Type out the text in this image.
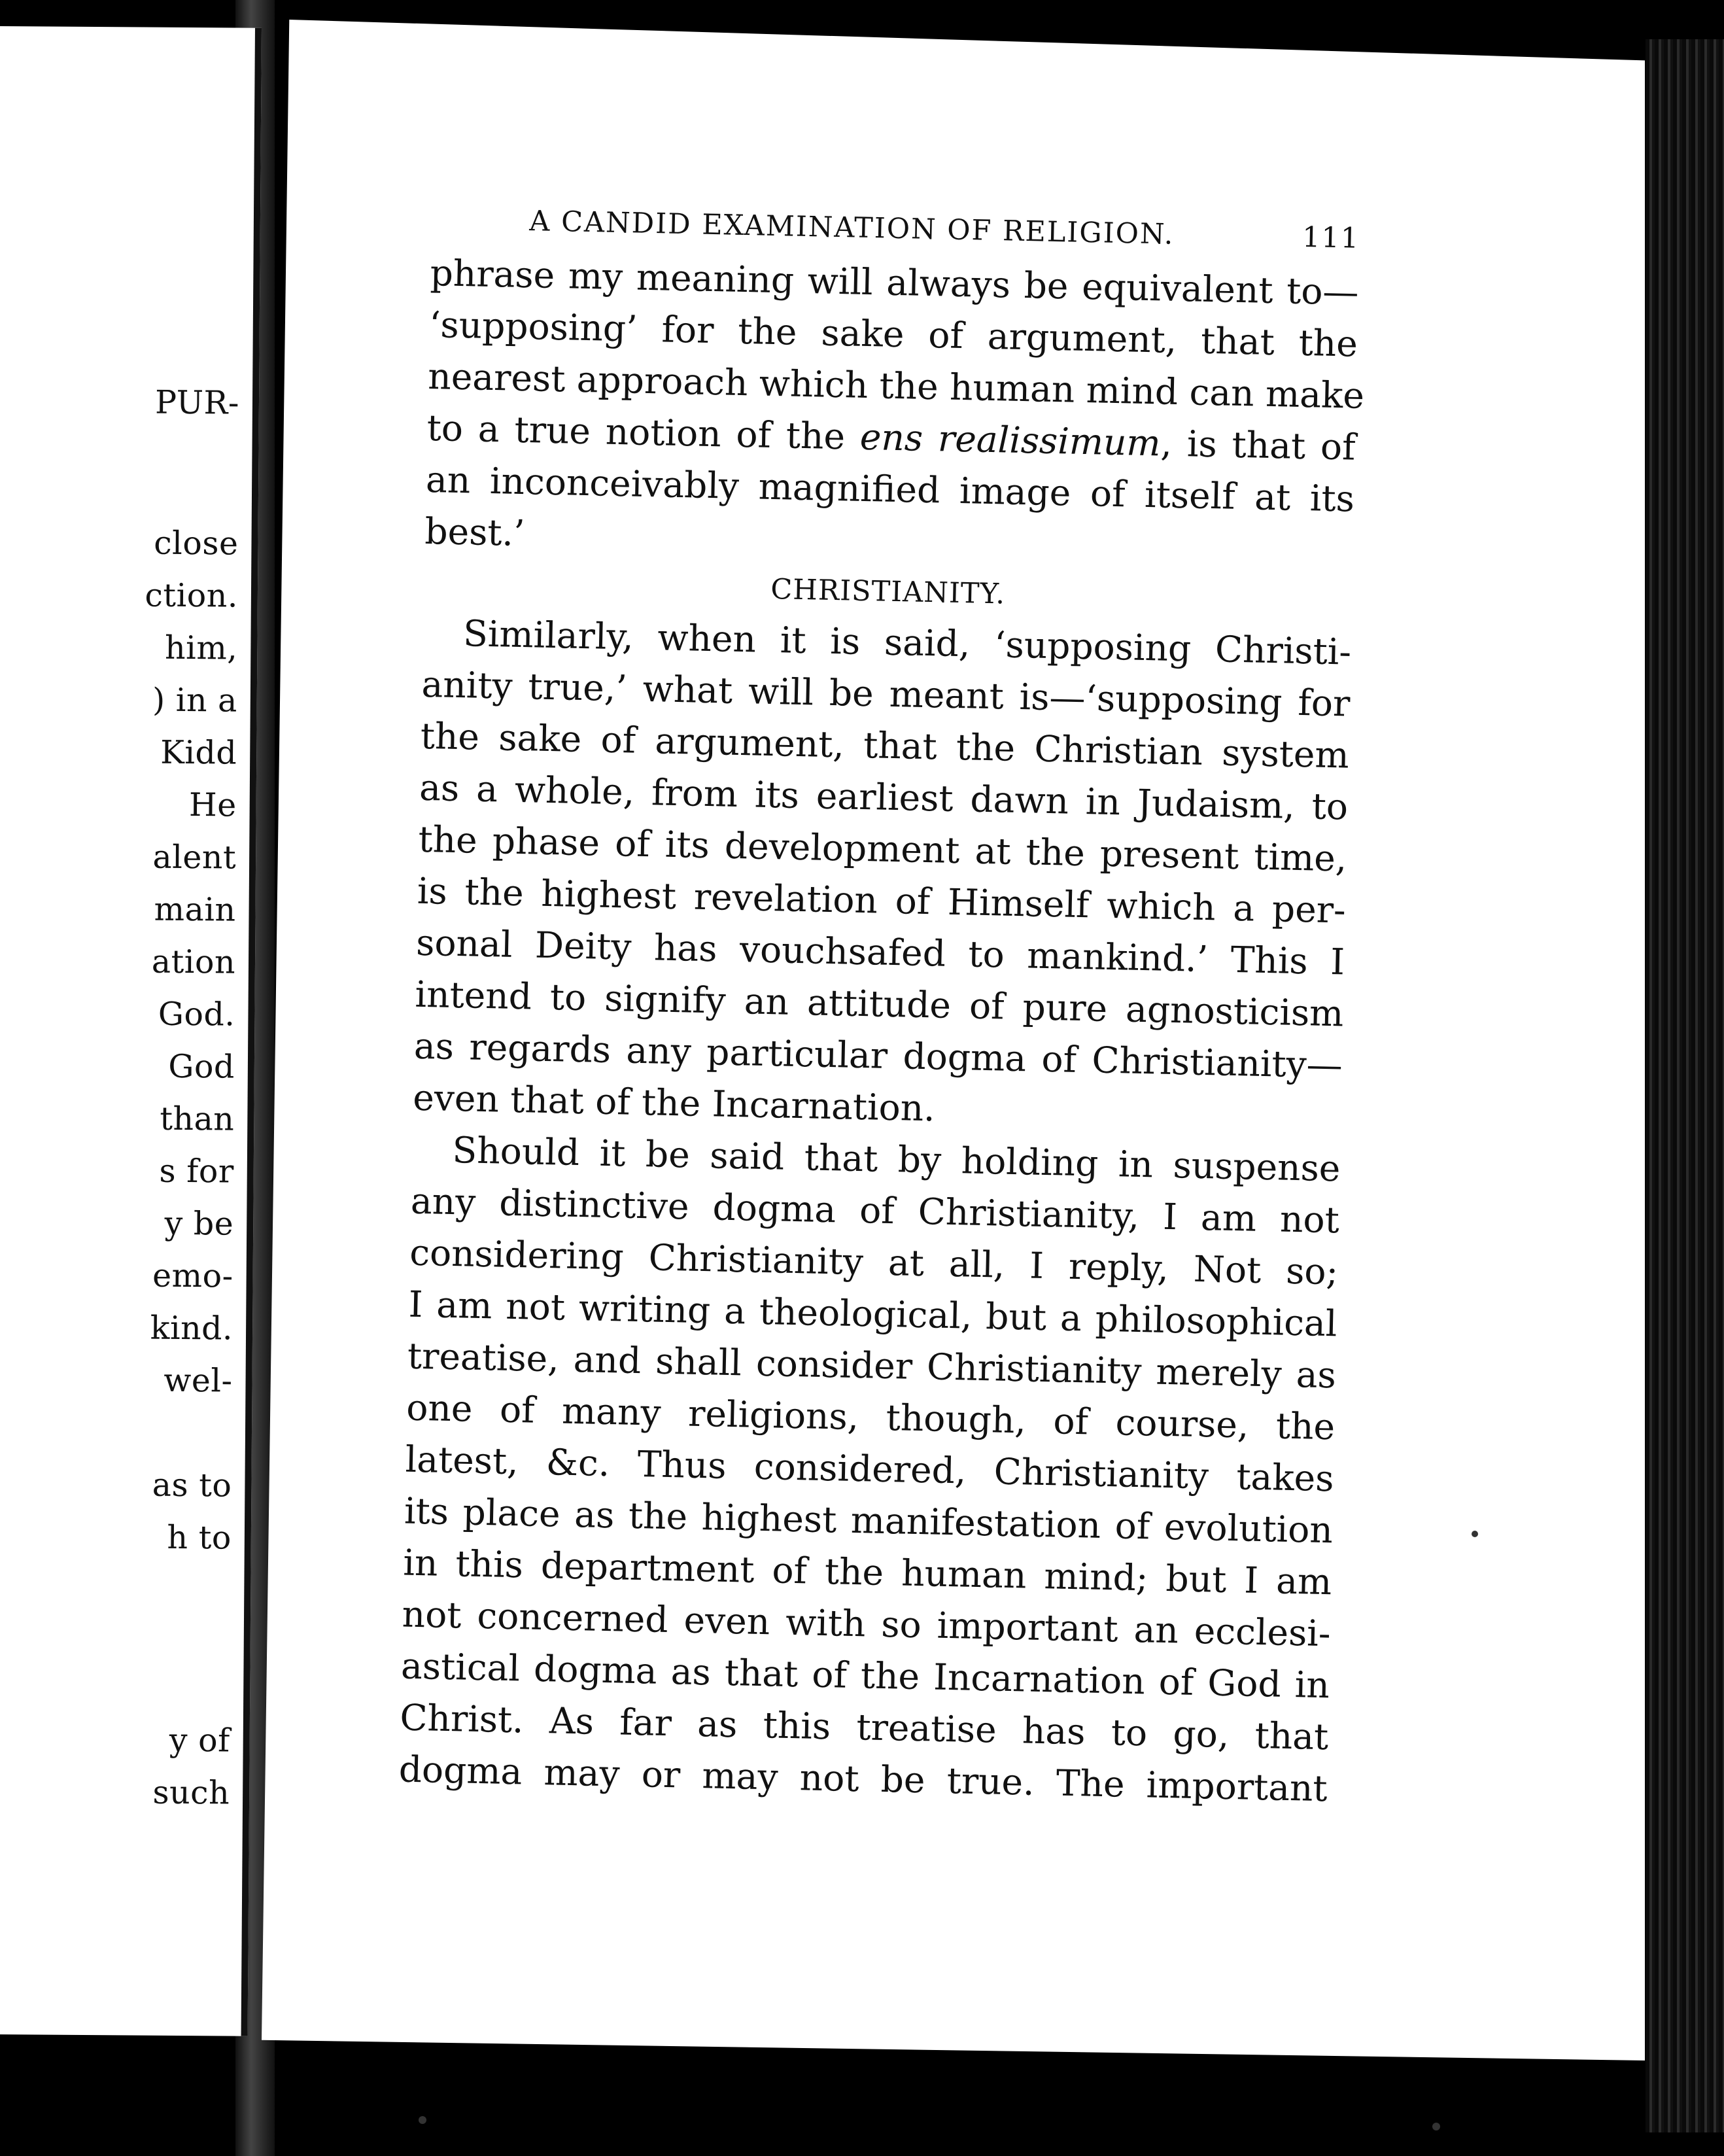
PUR-
close
ction.
him,
) in a
Kidd
He
alent
main
ation
God.
God
than
s for
y be
emo-
kind.
wel-
as to
h to
y of
such
A CANDID EXAMINATION OF RELIGION.	111
phrase my meaning will always be equivalent to—
‘supposing’ for the sake of argument, that the
nearest approach which the human mind can make
to a true notion of the ens realissimum, is that of
an inconceivably magnified image of itself at its
best.’
CHRISTIANITY.
Similarly, when it is said, ‘supposing Christi-
anity true,’ what will be meant is—‘supposing for
the sake of argument, that the Christian system
as a whole, from its earliest dawn in Judaism, to
the phase of its development at the present time,
is the highest revelation of Himself which a per-
sonal Deity has vouchsafed to mankind.’ This I
intend to signify an attitude of pure agnosticism
as regards any particular dogma of Christianity—
even that of the Incarnation.
Should it be said that by holding in suspense
any distinctive dogma of Christianity, I am not
considering Christianity at all, I reply, Not so;
I am not writing a theological, but a philosophical
treatise, and shall consider Christianity merely as
one of many religions, though, of course, the
latest, &c. Thus considered, Christianity takes
its place as the highest manifestation of evolution
in this department of the human mind; but I am
not concerned even with so important an ecclesi-
astical dogma as that of the Incarnation of God in
Christ. As far as this treatise has to go, that
dogma may or may not be true. The important
